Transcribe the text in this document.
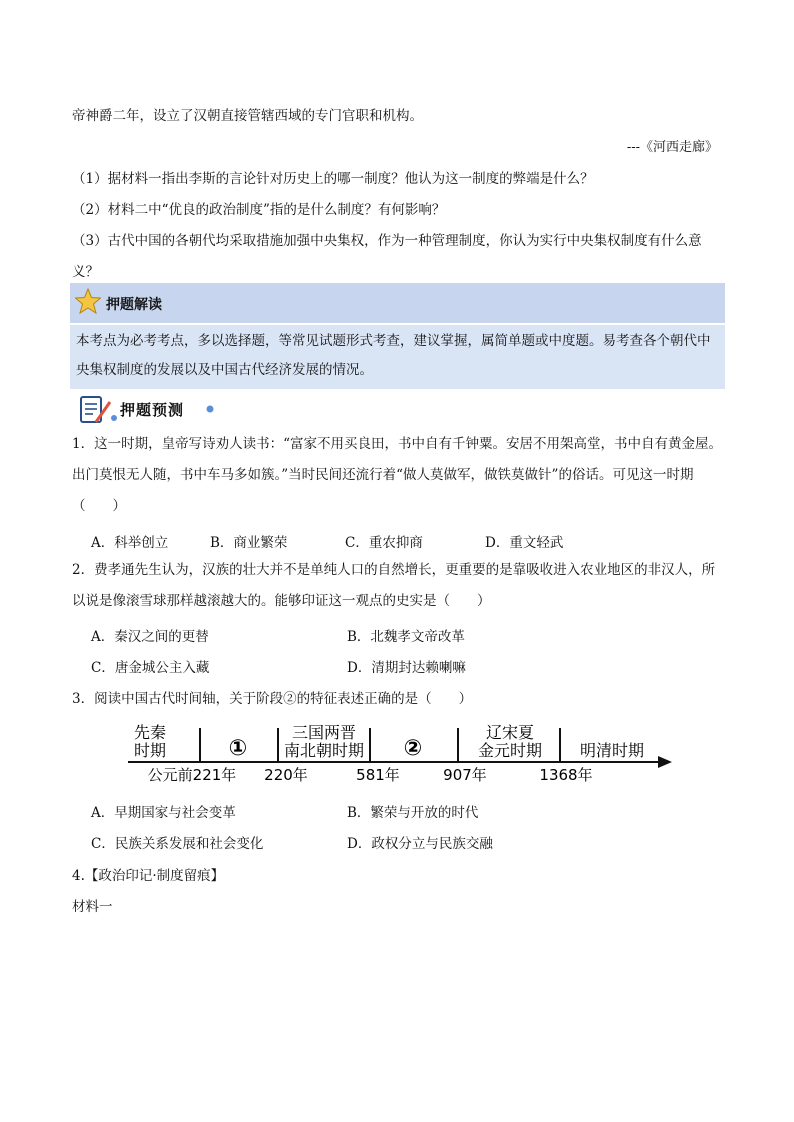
帝神爵二年，设立了汉朝直接管辖西域的专门官职和机构。
---《河西走廊》
（1）据材料一指出李斯的言论针对历史上的哪一制度？他认为这一制度的弊端是什么？
（2）材料二中“优良的政治制度”指的是什么制度？有何影响？
（3）古代中国的各朝代均采取措施加强中央集权，作为一种管理制度，你认为实行中央集权制度有什么意
义？
押题解读
本考点为必考考点，多以选择题，等常见试题形式考查，建议掌握，属简单题或中度题。易考查各个朝代中央集权制度的发展以及中国古代经济发展的情况。
押题预测
1．这一时期，皇帝写诗劝人读书：“富家不用买良田，书中自有千钟粟。安居不用架高堂，书中自有黄金屋。出门莫恨无人随，书中车马多如簇。”当时民间还流行着“做人莫做军，做铁莫做针”的俗话。可见这一时期（　　）
A．科举创立	B．商业繁荣	C．重农抑商	D．重文轻武
2．费孝通先生认为，汉族的壮大并不是单纯人口的自然增长，更重要的是靠吸收进入农业地区的非汉人，所以说是像滚雪球那样越滚越大的。能够印证这一观点的史实是（　　）
A．秦汉之间的更替	B．北魏孝文帝改革
C．唐金城公主入藏	D．清期封达赖喇嘛
3．阅读中国古代时间轴，关于阶段②的特征表述正确的是（　　）
先秦
时期	①
三国两晋
南北朝时期 ②
辽宋夏
金元时期 明清时期
公元前221年 220年	581年	907年	1368年
A．早期国家与社会变革	B．繁荣与开放的时代
C．民族关系发展和社会变化	D．政权分立与民族交融
4.【政治印记·制度留痕】
材料一
